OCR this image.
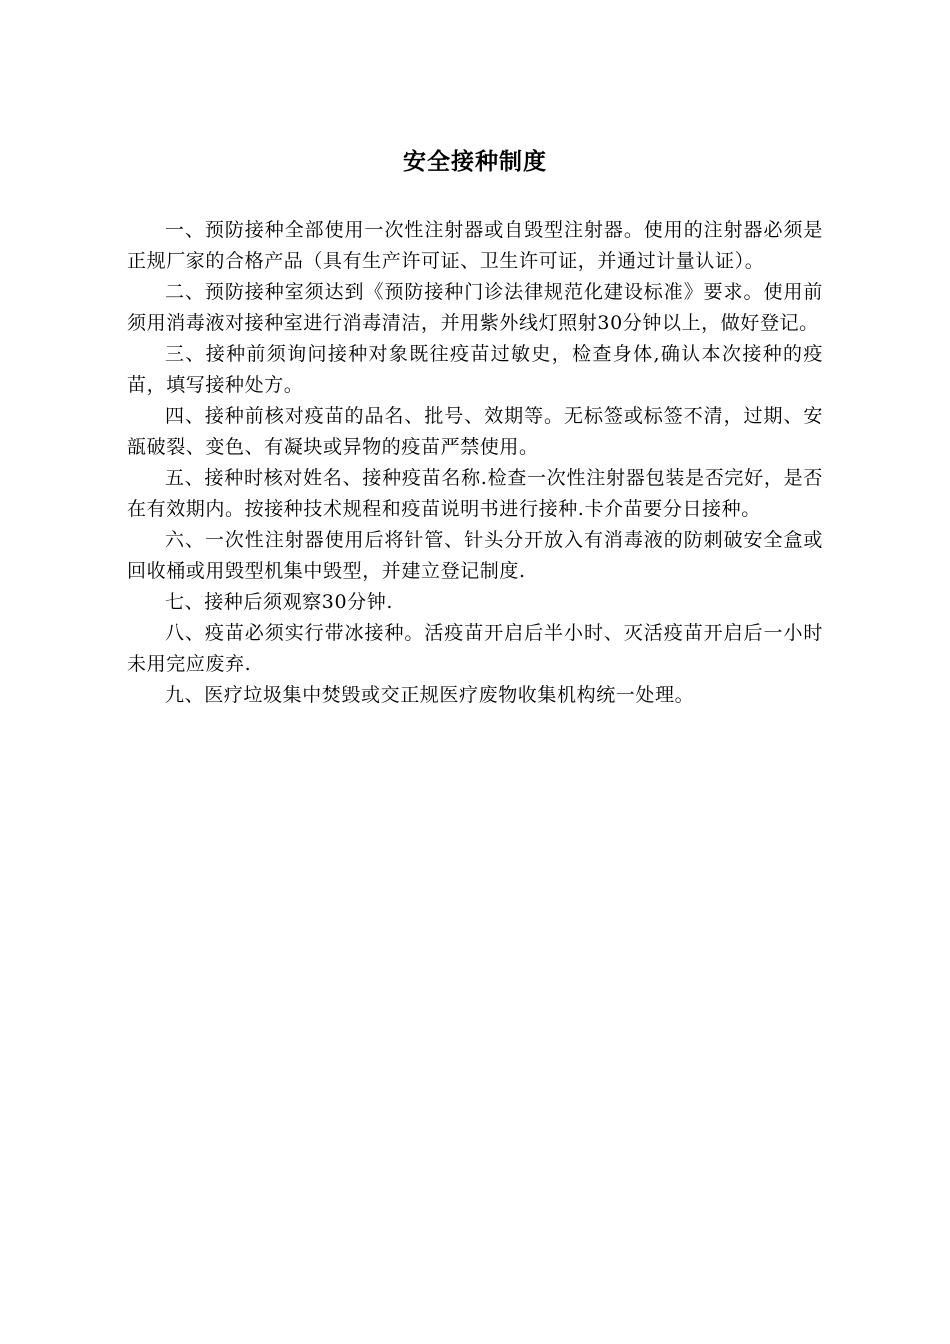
安全接种制度

一、预防接种全部使用一次性注射器或自毁型注射器。使用的注射器必须是正规厂家的合格产品（具有生产许可证、卫生许可证，并通过计量认证）。

二、预防接种室须达到《预防接种门诊法律规范化建设标准》要求。使用前须用消毒液对接种室进行消毒清洁，并用紫外线灯照射30分钟以上，做好登记。

三、接种前须询问接种对象既往疫苗过敏史，检查身体,确认本次接种的疫苗，填写接种处方。

四、接种前核对疫苗的品名、批号、效期等。无标签或标签不清，过期、安瓿破裂、变色、有凝块或异物的疫苗严禁使用。

五、接种时核对姓名、接种疫苗名称.检查一次性注射器包装是否完好，是否在有效期内。按接种技术规程和疫苗说明书进行接种.卡介苗要分日接种。

六、一次性注射器使用后将针管、针头分开放入有消毒液的防刺破安全盒或回收桶或用毁型机集中毁型，并建立登记制度.

七、接种后须观察30分钟.

八、疫苗必须实行带冰接种。活疫苗开启后半小时、灭活疫苗开启后一小时未用完应废弃.

九、医疗垃圾集中焚毁或交正规医疗废物收集机构统一处理。
